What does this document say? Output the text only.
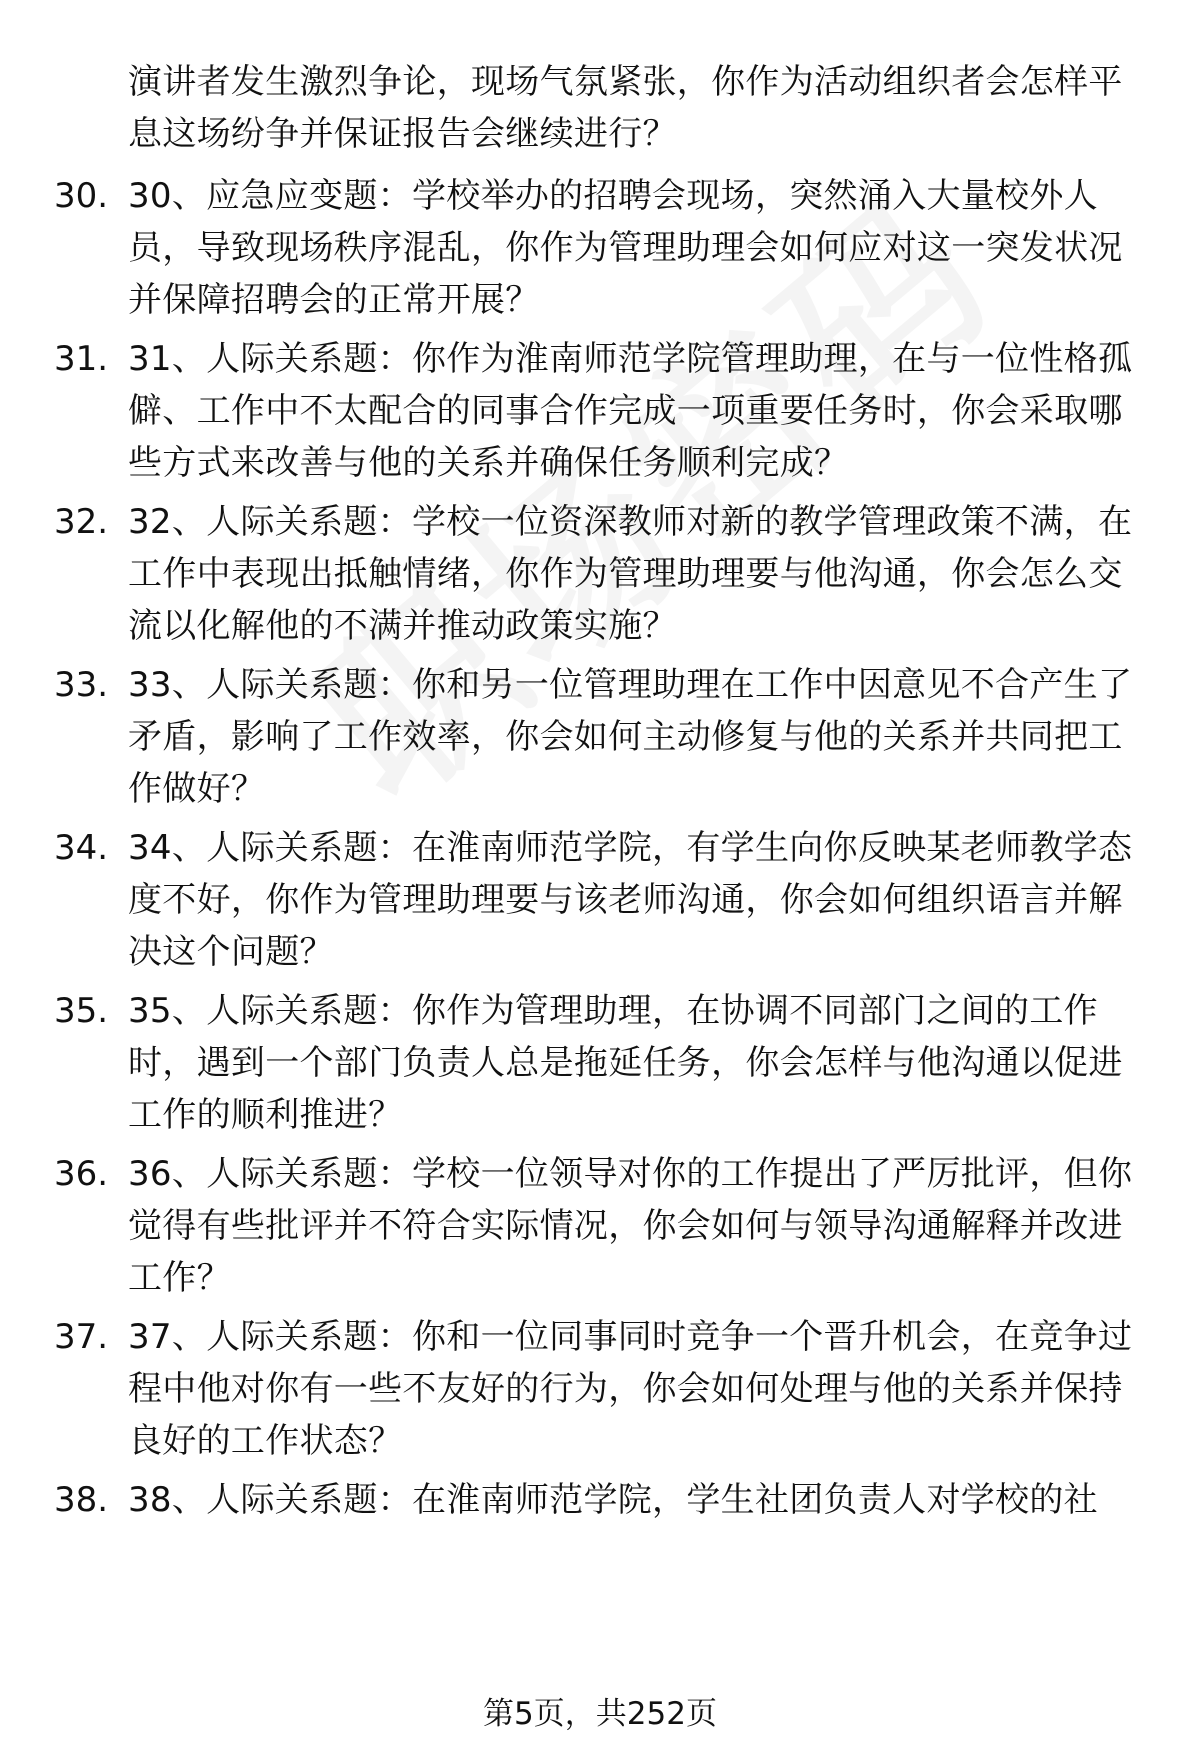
演讲者发生激烈争论，现场气氛紧张，你作为活动组织者会怎样平息这场纷争并保证报告会继续进行？
30. 30、应急应变题：学校举办的招聘会现场，突然涌入大量校外人员，导致现场秩序混乱，你作为管理助理会如何应对这一突发状况并保障招聘会的正常开展？
31. 31、人际关系题：你作为淮南师范学院管理助理，在与一位性格孤僻、工作中不太配合的同事合作完成一项重要任务时，你会采取哪些方式来改善与他的关系并确保任务顺利完成？
32. 32、人际关系题：学校一位资深教师对新的教学管理政策不满，在工作中表现出抵触情绪，你作为管理助理要与他沟通，你会怎么交流以化解他的不满并推动政策实施？
33. 33、人际关系题：你和另一位管理助理在工作中因意见不合产生了矛盾，影响了工作效率，你会如何主动修复与他的关系并共同把工作做好？
34. 34、人际关系题：在淮南师范学院，有学生向你反映某老师教学态度不好，你作为管理助理要与该老师沟通，你会如何组织语言并解决这个问题？
35. 35、人际关系题：你作为管理助理，在协调不同部门之间的工作时，遇到一个部门负责人总是拖延任务，你会怎样与他沟通以促进工作的顺利推进？
36. 36、人际关系题：学校一位领导对你的工作提出了严厉批评，但你觉得有些批评并不符合实际情况，你会如何与领导沟通解释并改进工作？
37. 37、人际关系题：你和一位同事同时竞争一个晋升机会，在竞争过程中他对你有一些不友好的行为，你会如何处理与他的关系并保持良好的工作状态？
38. 38、人际关系题：在淮南师范学院，学生社团负责人对学校的社
第5页，共252页
